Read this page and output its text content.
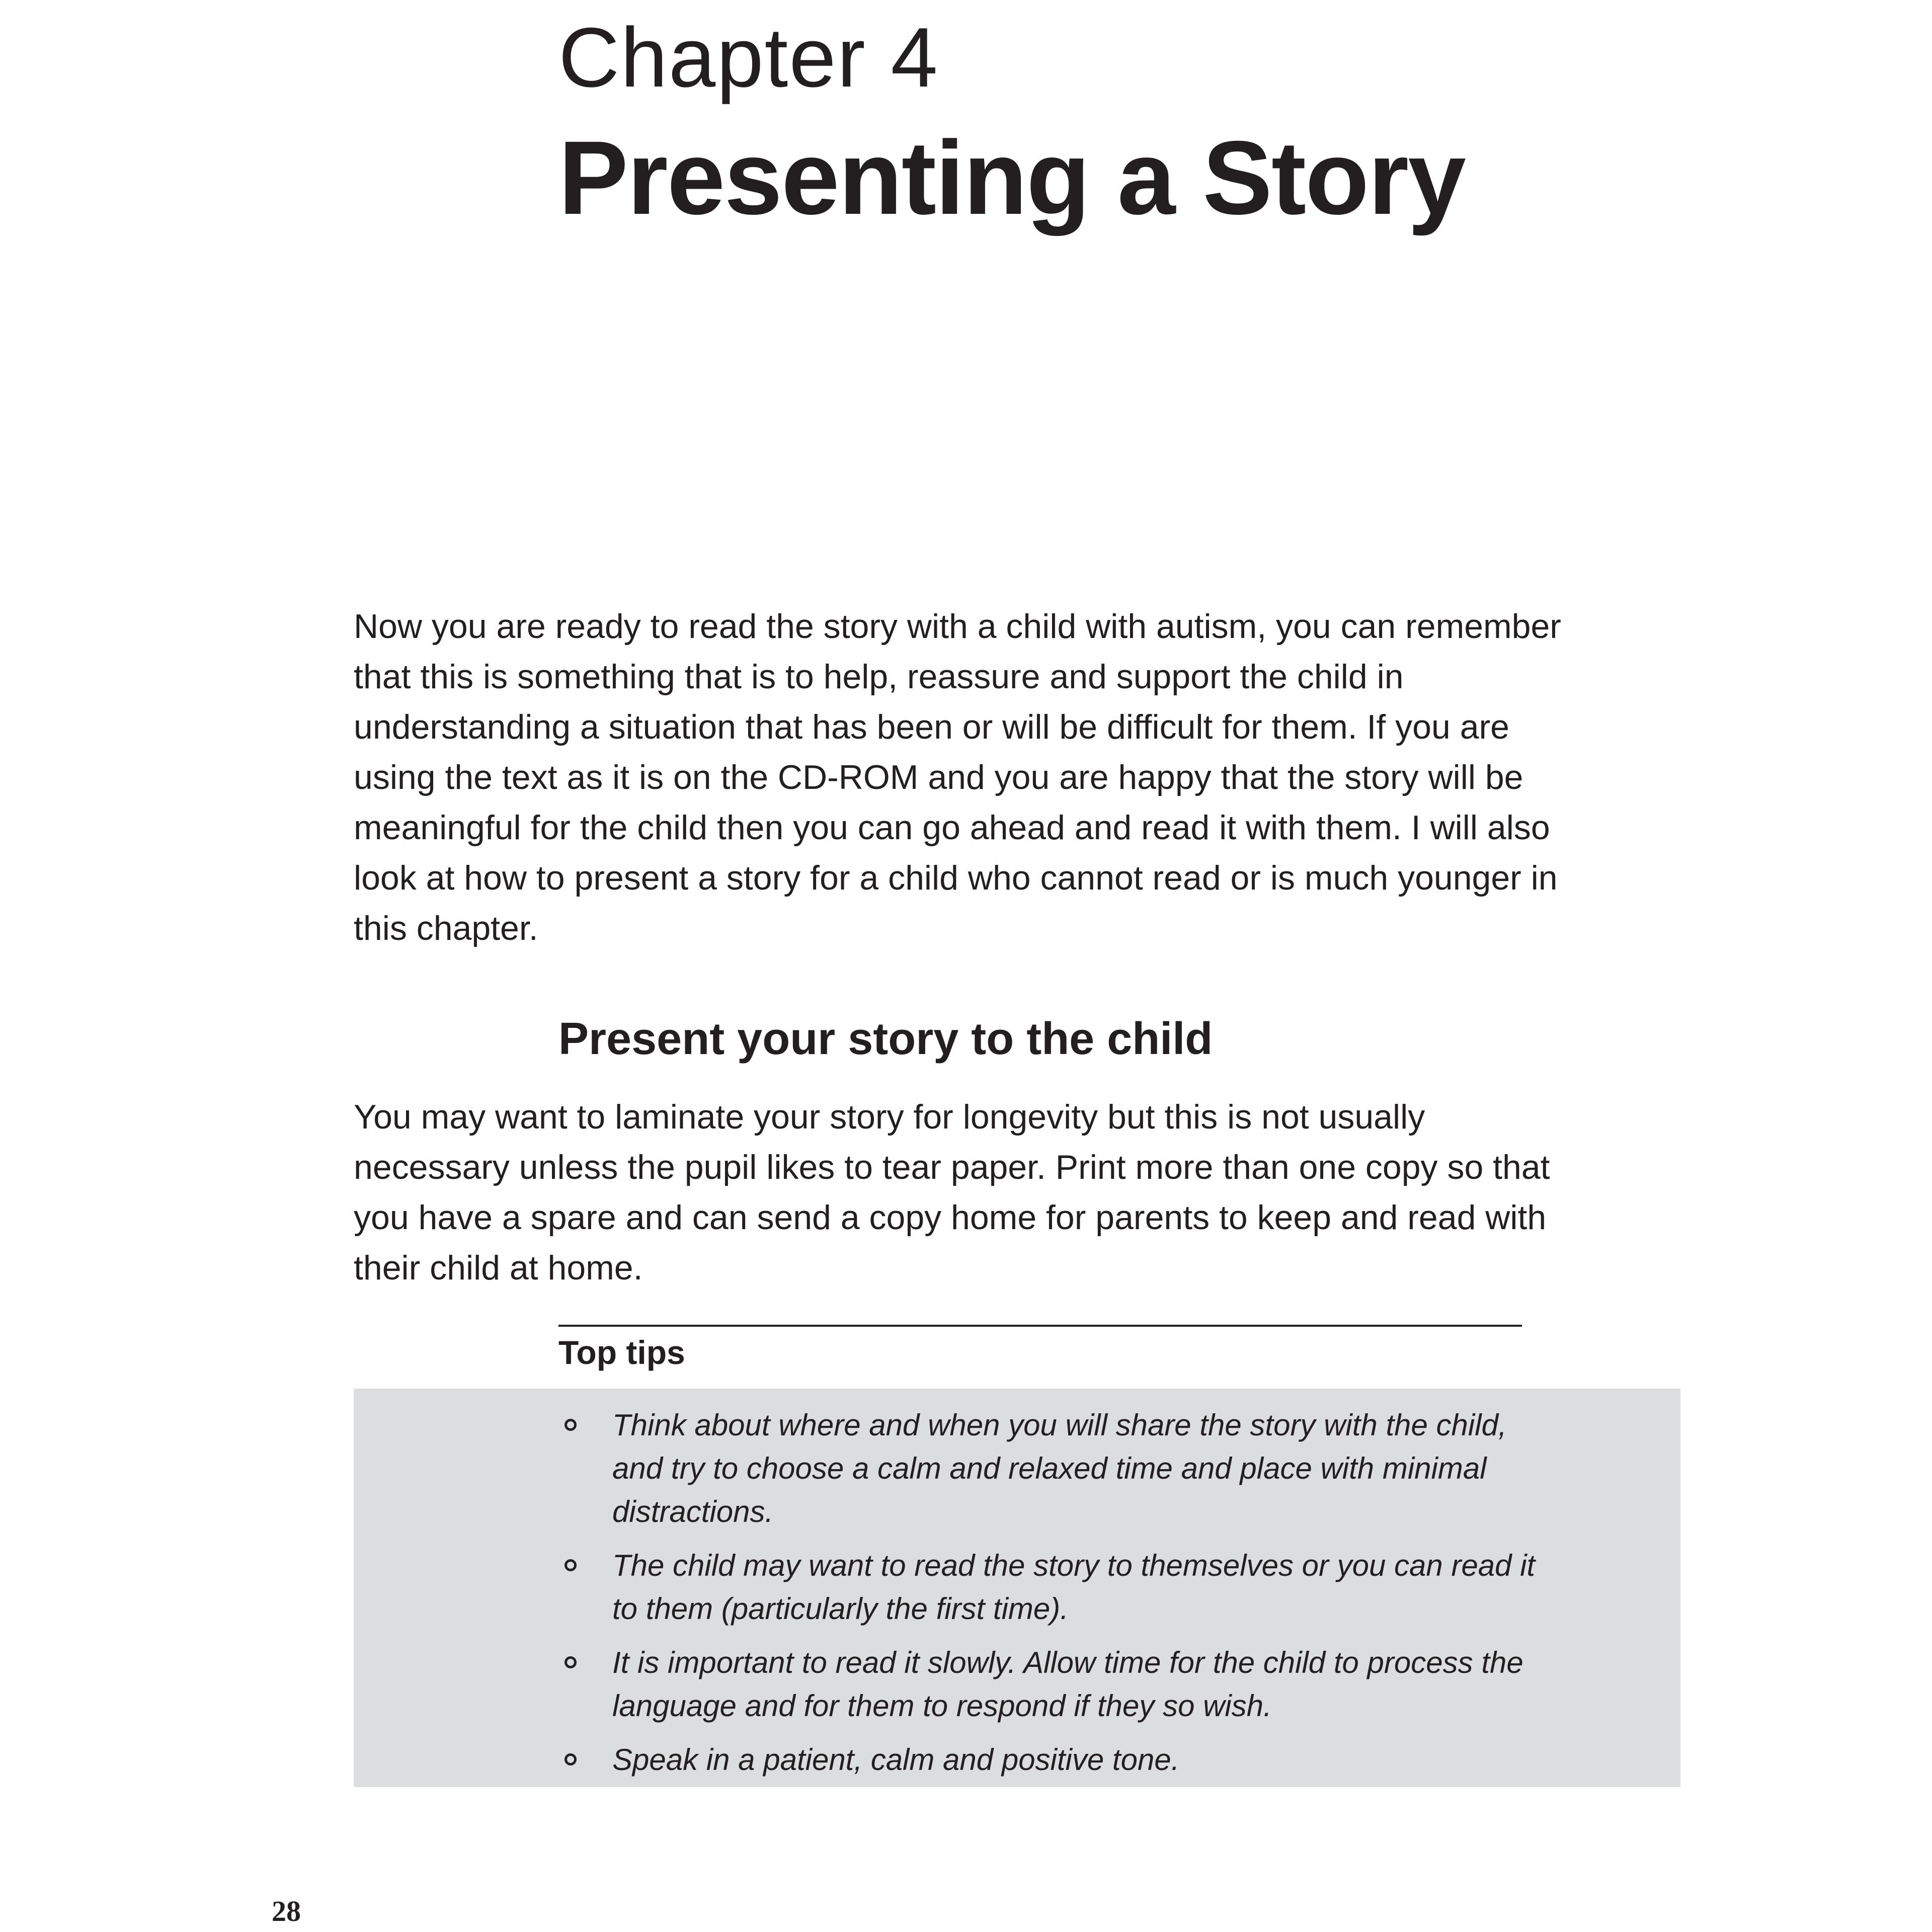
Chapter 4
Presenting a Story

Now you are ready to read the story with a child with autism, you can remember that this is something that is to help, reassure and support the child in understanding a situation that has been or will be difficult for them. If you are using the text as it is on the CD-ROM and you are happy that the story will be meaningful for the child then you can go ahead and read it with them. I will also look at how to present a story for a child who cannot read or is much younger in this chapter.

Present your story to the child

You may want to laminate your story for longevity but this is not usually necessary unless the pupil likes to tear paper. Print more than one copy so that you have a spare and can send a copy home for parents to keep and read with their child at home.

Top tips
Think about where and when you will share the story with the child, and try to choose a calm and relaxed time and place with minimal distractions.
The child may want to read the story to themselves or you can read it to them (particularly the first time).
It is important to read it slowly. Allow time for the child to process the language and for them to respond if they so wish.
Speak in a patient, calm and positive tone.
28
